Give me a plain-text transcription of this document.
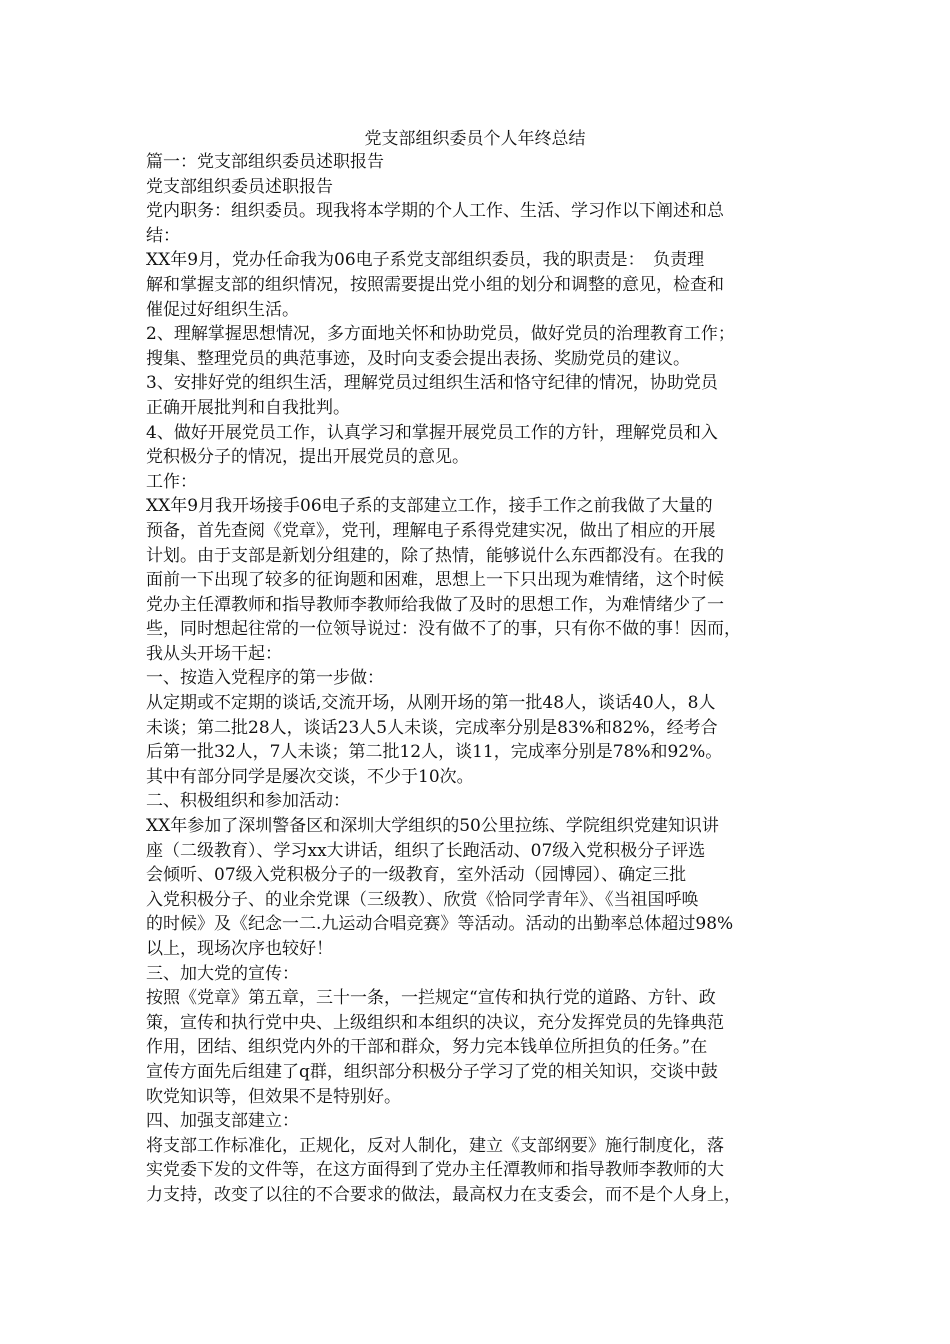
党支部组织委员个人年终总结

篇一：党支部组织委员述职报告

党支部组织委员述职报告

党内职务：组织委员。现我将本学期的个人工作、生活、学习作以下阐述和总

结：

XX年9月，党办任命我为06电子系党支部组织委员，我的职责是：　负责理

解和掌握支部的组织情况，按照需要提出党小组的划分和调整的意见，检查和

催促过好组织生活。

2、理解掌握思想情况，多方面地关怀和协助党员，做好党员的治理教育工作；

搜集、整理党员的典范事迹，及时向支委会提出表扬、奖励党员的建议。

3、安排好党的组织生活，理解党员过组织生活和恪守纪律的情况，协助党员

正确开展批判和自我批判。

4、做好开展党员工作，认真学习和掌握开展党员工作的方针，理解党员和入

党积极分子的情况，提出开展党员的意见。

工作：

XX年9月我开场接手06电子系的支部建立工作，接手工作之前我做了大量的

预备，首先查阅《党章》，党刊，理解电子系得党建实况，做出了相应的开展

计划。由于支部是新划分组建的，除了热情，能够说什么东西都没有。在我的

面前一下出现了较多的征询题和困难，思想上一下只出现为难情绪，这个时候

党办主任潭教师和指导教师李教师给我做了及时的思想工作，为难情绪少了一

些，同时想起往常的一位领导说过：没有做不了的事，只有你不做的事！因而，

我从头开场干起：

一、按造入党程序的第一步做：

从定期或不定期的谈话,交流开场，从刚开场的第一批48人，谈话40人，8人

未谈；第二批28人，谈话23人5人未谈，完成率分别是83%和82%，经考合

后第一批32人，7人未谈；第二批12人，谈11，完成率分别是78%和92%。

其中有部分同学是屡次交谈，不少于10次。

二、积极组织和参加活动：

XX年参加了深圳警备区和深圳大学组织的50公里拉练、学院组织党建知识讲

座（二级教育）、学习xx大讲话，组织了长跑活动、07级入党积极分子评选

会倾听、07级入党积极分子的一级教育，室外活动（园博园）、确定三批

入党积极分子、的业余党课（三级教）、欣赏《恰同学青年》、《当祖国呼唤

的时候》及《纪念一二.九运动合唱竞赛》等活动。活动的出勤率总体超过98%

以上，现场次序也较好！

三、加大党的宣传：

按照《党章》第五章，三十一条，一拦规定“宣传和执行党的道路、方针、政

策，宣传和执行党中央、上级组织和本组织的决议，充分发挥党员的先锋典范

作用，团结、组织党内外的干部和群众，努力完本钱单位所担负的任务。”在

宣传方面先后组建了q群，组织部分积极分子学习了党的相关知识，交谈中鼓

吹党知识等，但效果不是特别好。

四、加强支部建立：

将支部工作标准化，正规化，反对人制化，建立《支部纲要》施行制度化，落

实党委下发的文件等，在这方面得到了党办主任潭教师和指导教师李教师的大

力支持，改变了以往的不合要求的做法，最高权力在支委会，而不是个人身上，
